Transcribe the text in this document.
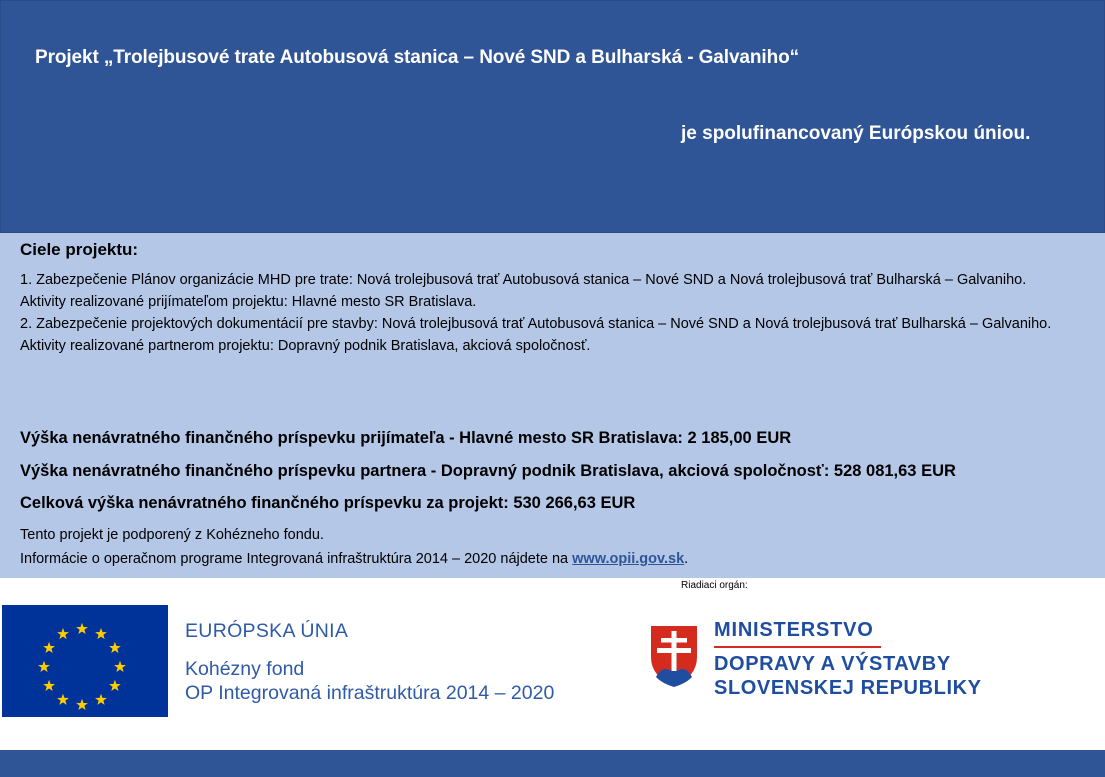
Projekt „Trolejbusové trate Autobusová stanica – Nové SND a Bulharská - Galvaniho“
je spolufinancovaný Európskou úniou.
Ciele projektu:

1. Zabezpečenie Plánov organizácie MHD pre trate: Nová trolejbusová trať Autobusová stanica – Nové SND a Nová trolejbusová trať Bulharská – Galvaniho.

Aktivity realizované prijímateľom projektu: Hlavné mesto SR Bratislava.

2. Zabezpečenie projektových dokumentácií pre stavby: Nová trolejbusová trať Autobusová stanica – Nové SND a Nová trolejbusová trať Bulharská – Galvaniho.

Aktivity realizované partnerom projektu: Dopravný podnik Bratislava, akciová spoločnosť.

Výška nenávratného finančného príspevku prijímateľa - Hlavné mesto SR Bratislava: 2 185,00 EUR
Výška nenávratného finančného príspevku partnera - Dopravný podnik Bratislava, akciová spoločnosť: 528 081,63 EUR
Celková výška nenávratného finančného príspevku za projekt: 530 266,63 EUR
Tento projekt je podporený z Kohézneho fondu.
Informácie o operačnom programe Integrovaná infraštruktúra 2014 – 2020 nájdete na www.opii.gov.sk.
Riadiaci orgán:
EURÓPSKA ÚNIA
Kohézny fond
OP Integrovaná infraštruktúra 2014 – 2020
MINISTERSTVO
DOPRAVY A VÝSTAVBY
SLOVENSKEJ REPUBLIKY
